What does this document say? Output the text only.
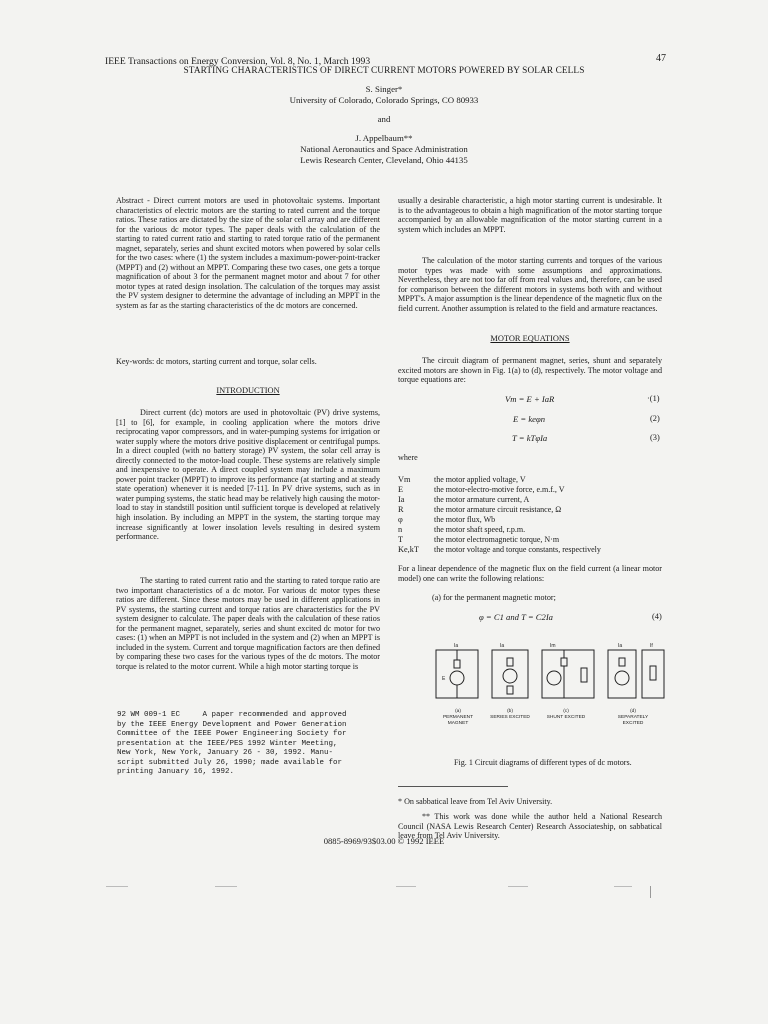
IEEE Transactions on Energy Conversion, Vol. 8, No. 1, March 1993	47
STARTING CHARACTERISTICS OF DIRECT CURRENT MOTORS POWERED BY SOLAR CELLS
S. Singer*
University of Colorado, Colorado Springs, CO 80933
and
J. Appelbaum**
National Aeronautics and Space Administration
Lewis Research Center, Cleveland, Ohio 44135

Abstract - Direct current motors are used in photovoltaic systems. Important characteristics of electric motors are the starting to rated current and the torque ratios. These ratios are dictated by the size of the solar cell array and are different for the various dc motor types. The paper deals with the calculation of the starting to rated current ratio and starting to rated torque ratio of the permanent magnet, separately, series and shunt excited motors when powered by solar cells for the two cases: where (1) the system includes a maximum-power-point-tracker (MPPT) and (2) without an MPPT. Comparing these two cases, one gets a torque magnification of about 3 for the permanent magnet motor and about 7 for other motor types at rated design insolation. The calculation of the torques may assist the PV system designer to determine the advantage of including an MPPT in the system as far as the starting characteristics of the dc motors are concerned.

Key-words: dc motors, starting current and torque, solar cells.
INTRODUCTION

Direct current (dc) motors are used in photovoltaic (PV) drive systems, [1] to [6], for example, in cooling application where the motors drive reciprocating vapor compressors, and in water-pumping systems for irrigation or water supply where the motors drive positive displacement or centrifugal pumps. In a direct coupled (with no battery storage) PV system, the solar cell array is directly connected to the motor-load couple. These systems are relatively simple and inexpensive to operate. A direct coupled system may include a maximum power point tracker (MPPT) to improve its performance (at starting and at steady state operation) whenever it is needed [7-11]. In PV drive systems, such as in water pumping systems, the static head may be relatively high causing the motor-load to stay in standstill position until sufficient torque is developed at relatively high insolation. By including an MPPT in the system, the starting torque may increase significantly at lower insolation levels resulting in desired system performance.

The starting to rated current ratio and the starting to rated torque ratio are two important characteristics of a dc motor. For various dc motor types these ratios are different. Since these motors may be used in different applications in PV systems, the starting current and torque ratios are characteristics for the PV system designer to calculate. The paper deals with the calculation of these ratios for the permanent magnet, separately, series and shunt excited dc motor for two cases: (1) when an MPPT is not included in the system and (2) when an MPPT is included in the system. Current and torque magnification factors are then defined by comparing these two cases for the various types of the dc motors. The motor torque is related to the motor current. While a high motor starting torque is

92 WM 009-1 EC     A paper recommended and approved
by the IEEE Energy Development and Power Generation
Committee of the IEEE Power Engineering Society for
presentation at the IEEE/PES 1992 Winter Meeting,
New York, New York, January 26 - 30, 1992. Manu-
script submitted July 26, 1990; made available for
printing January 16, 1992.

usually a desirable characteristic, a high motor starting current is undesirable. It is to the advantageous to obtain a high magnification of the motor starting torque accompanied by an allowable magnification of the motor starting current in a system which includes an MPPT.

The calculation of the motor starting currents and torques of the various motor types was made with some assumptions and approximations. Nevertheless, they are not too far off from real values and, therefore, can be used for comparison between the different motors in systems both with and without MPPT's. A major assumption is the linear dependence of the magnetic flux on the field current. Another assumption is related to the field and armature reactances.

MOTOR EQUATIONS

The circuit diagram of permanent magnet, series, shunt and separately excited motors are shown in Fig. 1(a) to (d), respectively. The motor voltage and torque equations are:

Vm = E + IaR	·(1)
E = keφn	(2)
T = kTφIa	(3)
where
Vm	the motor applied voltage, V
E	the motor-electro-motive force, e.m.f., V
Ia	the motor armature current, A
R	the motor armature circuit resistance, Ω
φ	the motor flux, Wb
n	the motor shaft speed, r.p.m.
T	the motor electromagnetic torque, N·m
Ke,kT	the motor voltage and torque constants, respectively

For a linear dependence of the magnetic flux on the field current (a linear motor model) one can write the following relations:

(a) for the permanent magnetic motor;
φ = C1 and T = C2Ia	(4)
E
Ia	Ia	Im	Ia	If
(a)
PERMANENT MAGNET
(b)
SERIES EXCITED
(c)
SHUNT EXCITED
(d)
SEPARATELY EXCITED
Fig. 1 Circuit diagrams of different types of dc motors.
* On sabbatical leave from Tel Aviv University.

** This work was done while the author held a National Research Council (NASA Lewis Research Center) Research Associateship, on sabbatical leave from Tel Aviv University.

0885-8969/93$03.00 © 1992 IEEE
